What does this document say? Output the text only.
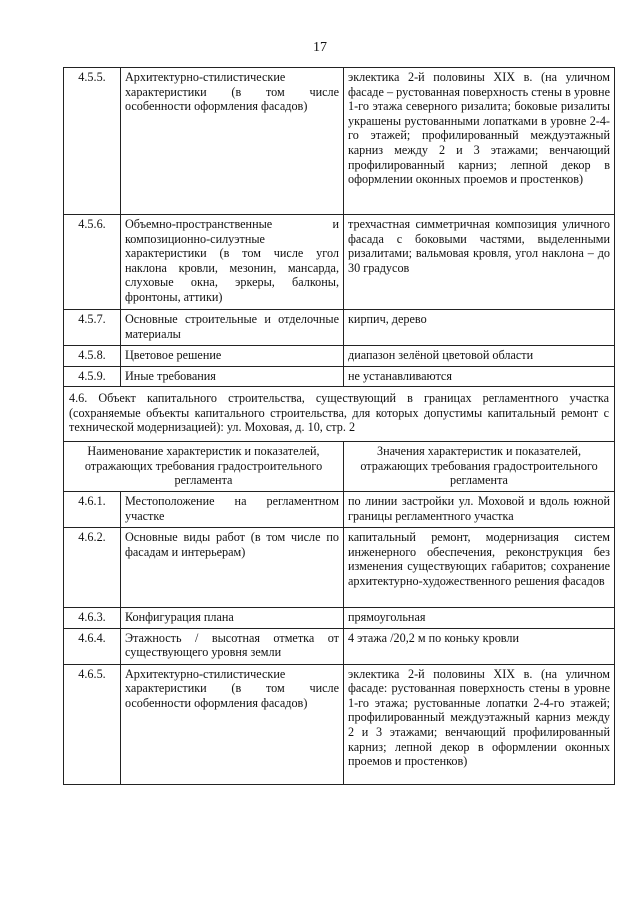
17
4.5.5.	Архитектурно-стилистические характеристики (в том числе особенности оформления фасадов)	эклектика 2-й половины XIX в. (на уличном фасаде – рустованная поверхность стены в уровне 1-го этажа северного ризалита; боковые ризалиты украшены рустованными лопатками в уровне 2-4-го этажей; профилированный междуэтажный карниз между 2 и 3 этажами; венчающий профилированный карниз; лепной декор в оформлении оконных проемов и простенков)
4.5.6.	Объемно-пространственные и композиционно-силуэтные характеристики (в том числе угол наклона кровли, мезонин, мансарда, слуховые окна, эркеры, балконы, фронтоны, аттики)	трехчастная симметричная композиция уличного фасада с боковыми частями, выделенными ризалитами; вальмовая кровля, угол наклона – до 30 градусов
4.5.7.	Основные строительные и отделочные материалы	кирпич, дерево
4.5.8.	Цветовое решение	диапазон зелёной цветовой области
4.5.9.	Иные требования	не устанавливаются
4.6. Объект капитального строительства, существующий в границах регламентного участка (сохраняемые объекты капитального строительства, для которых допустимы капитальный ремонт с технической модернизацией): ул. Моховая, д. 10, стр. 2		
Наименование характеристик и показателей, отражающих требования градостроительного регламента		Значения характеристик и показателей, отражающих требования градостроительного регламента
4.6.1.	Местоположение на регламентном участке	по линии застройки ул. Моховой и вдоль южной границы регламентного участка
4.6.2.	Основные виды работ (в том числе по фасадам и интерьерам)	капитальный ремонт, модернизация систем инженерного обеспечения, реконструкция без изменения существующих габаритов; сохранение архитектурно-художественного решения фасадов
4.6.3.	Конфигурация плана	прямоугольная
4.6.4.	Этажность / высотная отметка от существующего уровня земли	4 этажа /20,2 м по коньку кровли
4.6.5.	Архитектурно-стилистические характеристики (в том числе особенности оформления фасадов)	эклектика 2-й половины XIX в. (на уличном фасаде: рустованная поверхность стены в уровне 1-го этажа; рустованные лопатки 2-4-го этажей; профилированный междуэтажный карниз между 2 и 3 этажами; венчающий профилированный карниз; лепной декор в оформлении оконных проемов и простенков)
